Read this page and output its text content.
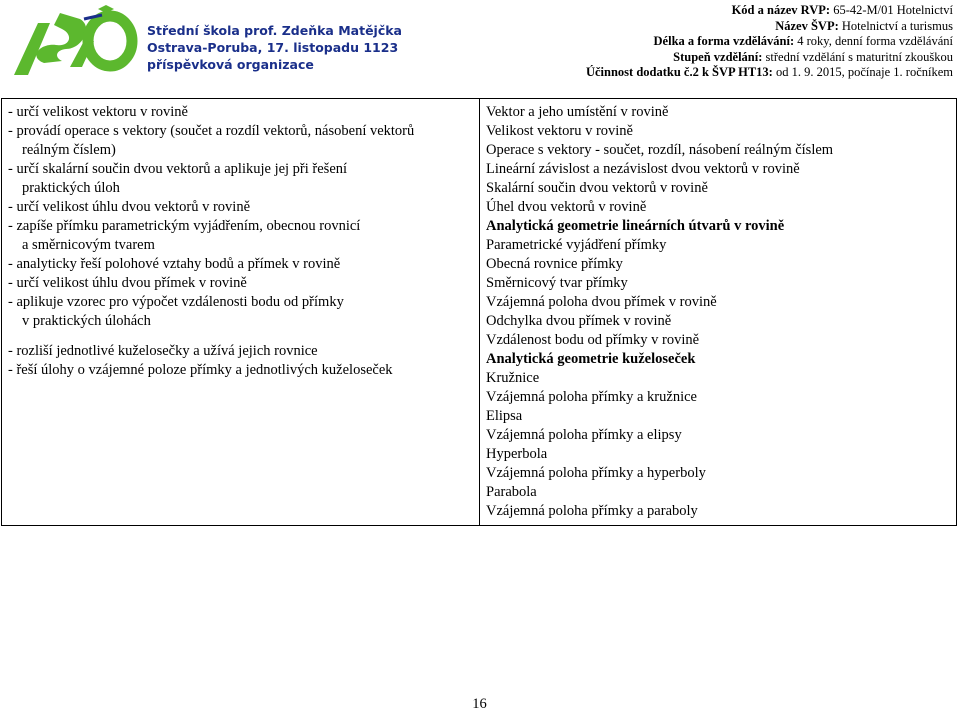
Střední škola prof. Zdeňka Matějčka
Ostrava-Poruba, 17. listopadu 1123
příspěvková organizace
Kód a název RVP: 65-42-M/01 Hotelnictví
Název ŠVP: Hotelnictví a turismus
Délka a forma vzdělávání: 4 roky, denní forma vzdělávání
Stupeň vzdělání: střední vzdělání s maturitní zkouškou
Účinnost dodatku č.2 k ŠVP HT13: od 1. 9. 2015, počínaje 1. ročníkem
- určí velikost vektoru v rovině
- provádí operace s vektory (součet a rozdíl vektorů, násobení vektorů
reálným číslem)
- určí skalární součin dvou vektorů a aplikuje jej při řešení
praktických úloh
- určí velikost úhlu dvou vektorů v rovině
- zapíše přímku parametrickým vyjádřením, obecnou rovnicí
a směrnicovým tvarem
- analyticky řeší polohové vztahy bodů a přímek v rovině
- určí velikost úhlu dvou přímek v rovině
- aplikuje vzorec pro výpočet vzdálenosti bodu od přímky
v praktických úlohách
- rozliší jednotlivé kuželosečky a užívá jejich rovnice
- řeší úlohy o vzájemné poloze přímky a jednotlivých kuželoseček

Vektor a jeho umístění v rovině
Velikost vektoru v rovině
Operace s vektory - součet, rozdíl, násobení reálným číslem
Lineární závislost a nezávislost dvou vektorů v rovině
Skalární součin dvou vektorů v rovině
Úhel dvou vektorů v rovině
Analytická geometrie lineárních útvarů v rovině
Parametrické vyjádření přímky
Obecná rovnice přímky
Směrnicový tvar přímky
Vzájemná poloha dvou přímek v rovině
Odchylka dvou přímek v rovině
Vzdálenost bodu od přímky v rovině
Analytická geometrie kuželoseček
Kružnice
Vzájemná poloha přímky a kružnice
Elipsa
Vzájemná poloha přímky a elipsy
Hyperbola
Vzájemná poloha přímky a hyperboly
Parabola
Vzájemná poloha přímky a paraboly
16
